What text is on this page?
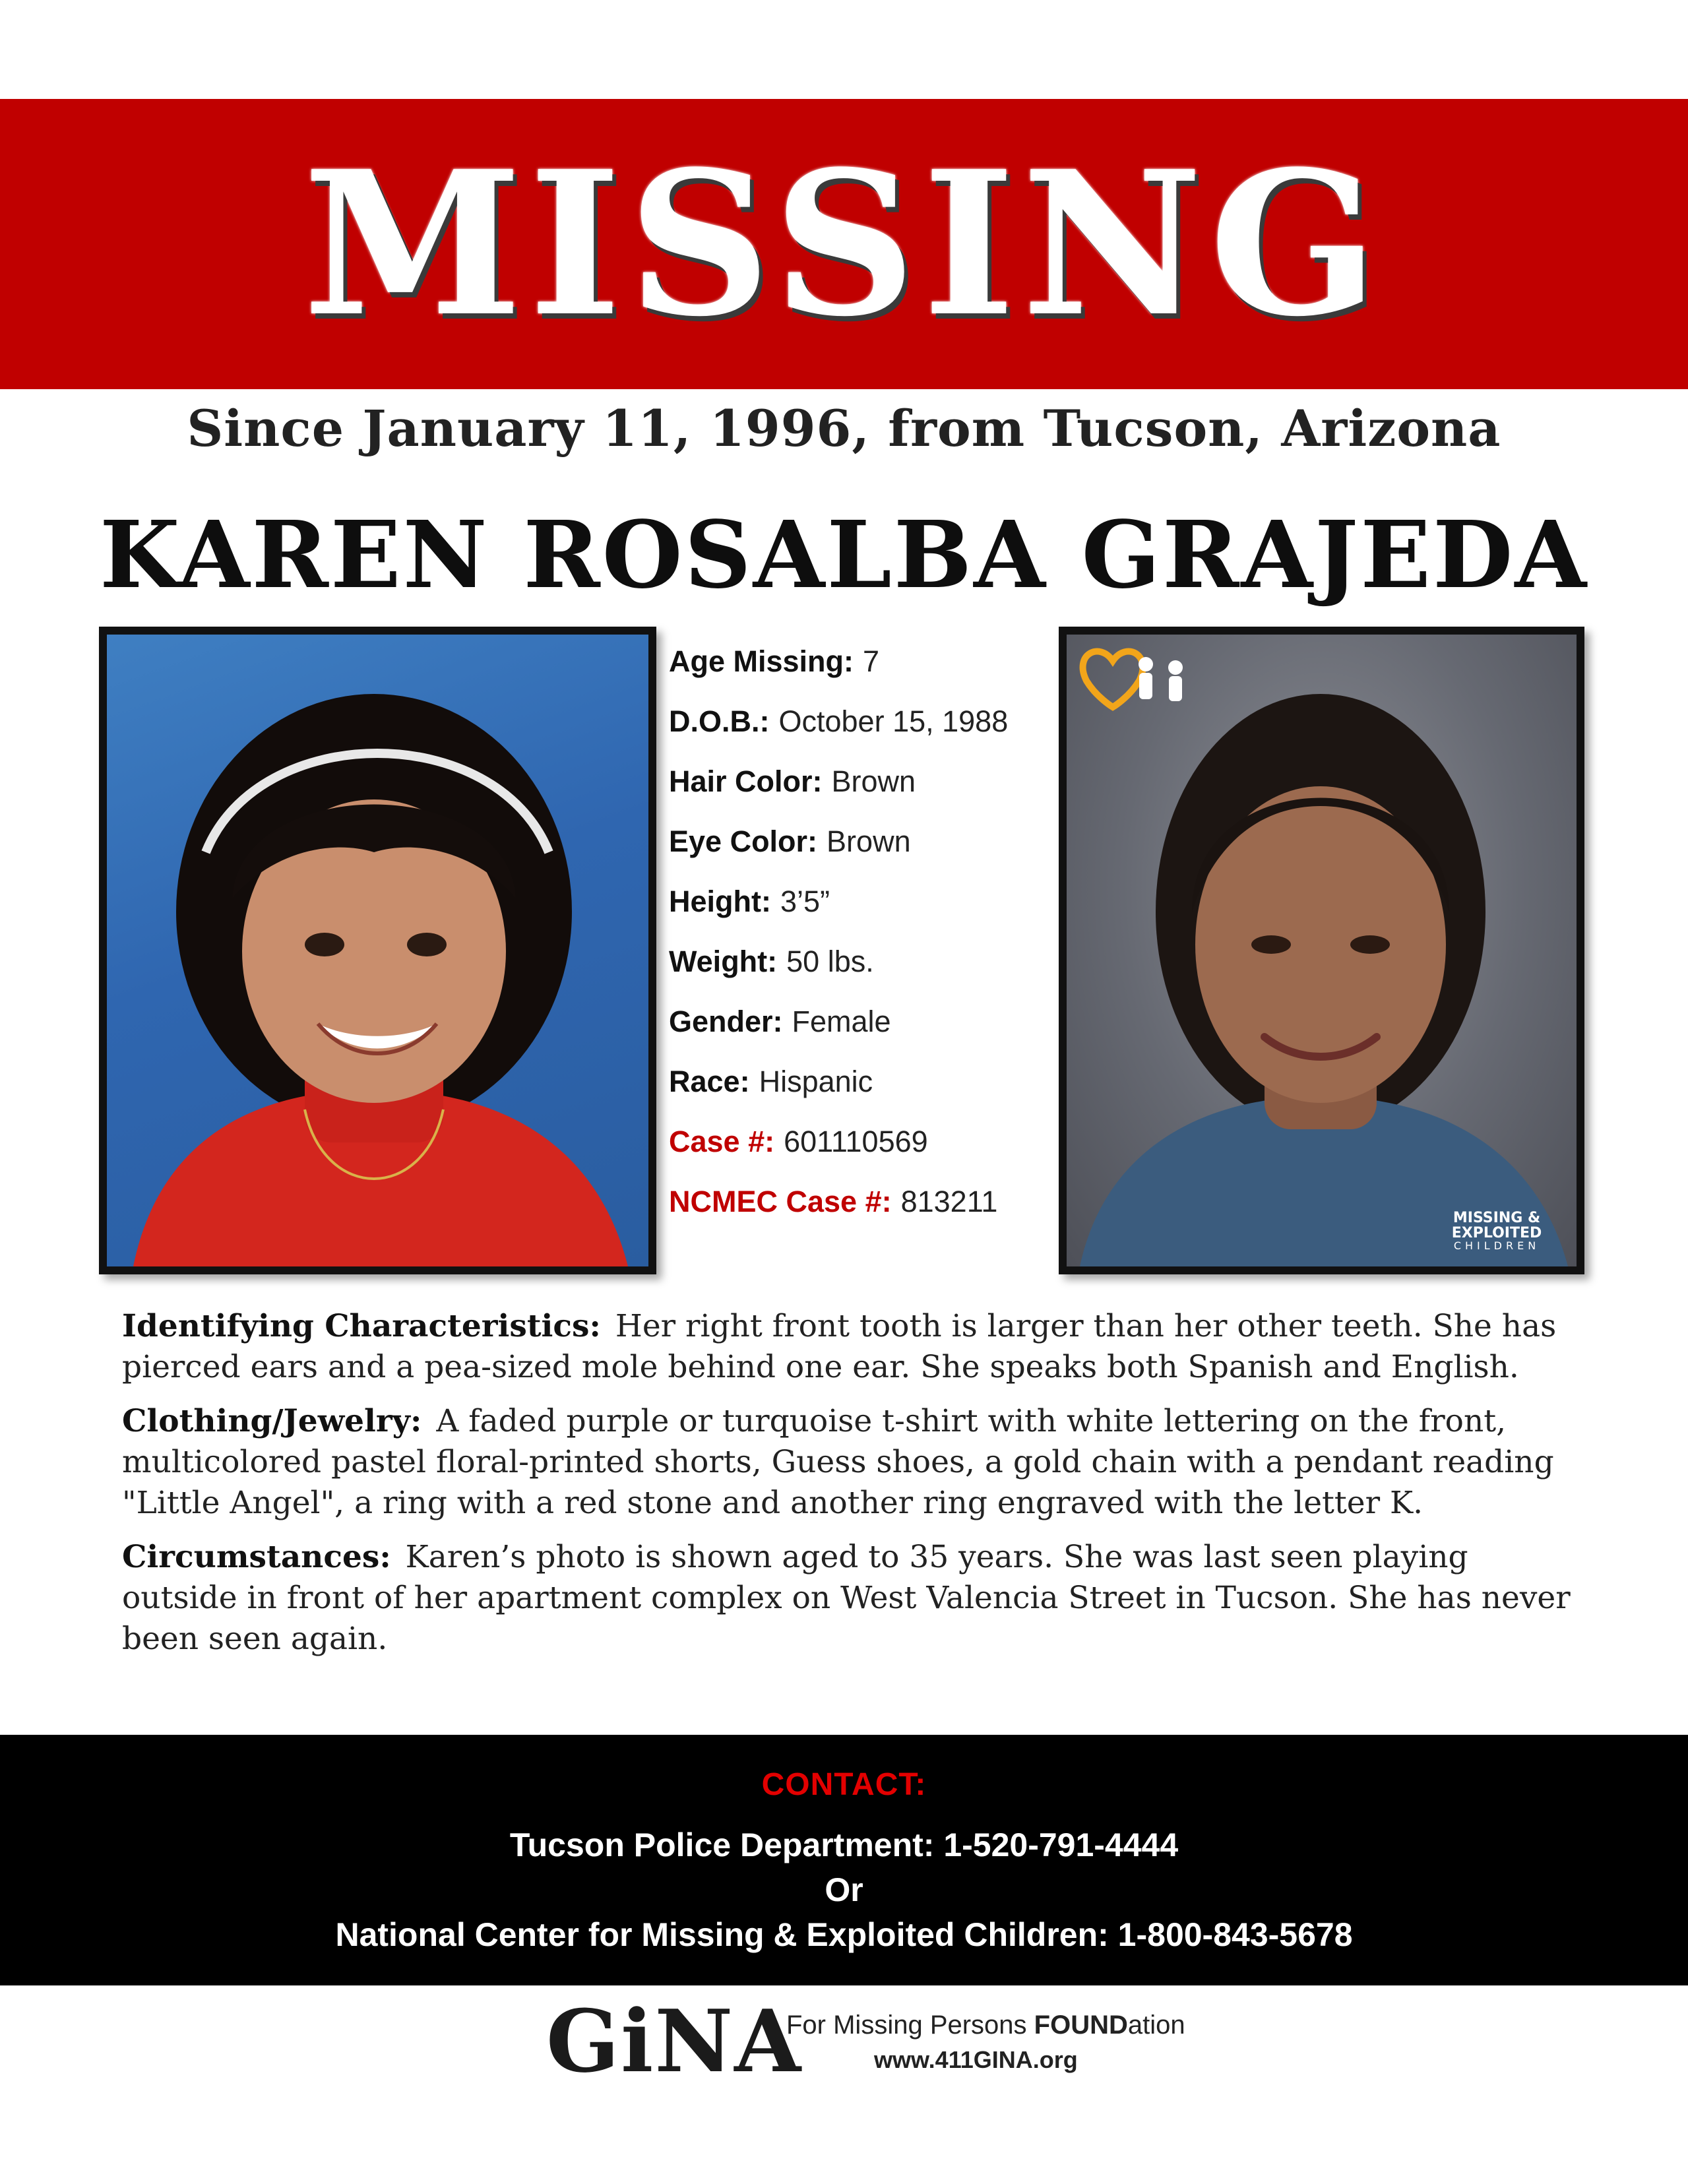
MISSING
Since January 11, 1996, from Tucson, Arizona
KAREN ROSALBA GRAJEDA
Age Missing: 7
D.O.B.: October 15, 1988
Hair Color: Brown
Eye Color: Brown
Height: 3’5”
Weight: 50 lbs.
Gender: Female
Race: Hispanic
Case #: 601110569
NCMEC Case #: 813211	MISSING &
EXPLOITED
CHILDREN

Identifying Characteristics: Her right front tooth is larger than her other teeth. She has pierced ears and a pea-sized mole behind one ear. She speaks both Spanish and English.

Clothing/Jewelry: A faded purple or turquoise t-shirt with white lettering on the front, multicolored pastel floral-printed shorts, Guess shoes, a gold chain with a pendant reading "Little Angel", a ring with a red stone and another ring engraved with the letter K.

Circumstances: Karen’s photo is shown aged to 35 years. She was last seen playing outside in front of her apartment complex on West Valencia Street in Tucson. She has never been seen again.

CONTACT:
Tucson Police Department: 1-520-791-4444
Or
National Center for Missing & Exploited Children: 1-800-843-5678
GiNA
For Missing Persons FOUNDation
www.411GINA.org
